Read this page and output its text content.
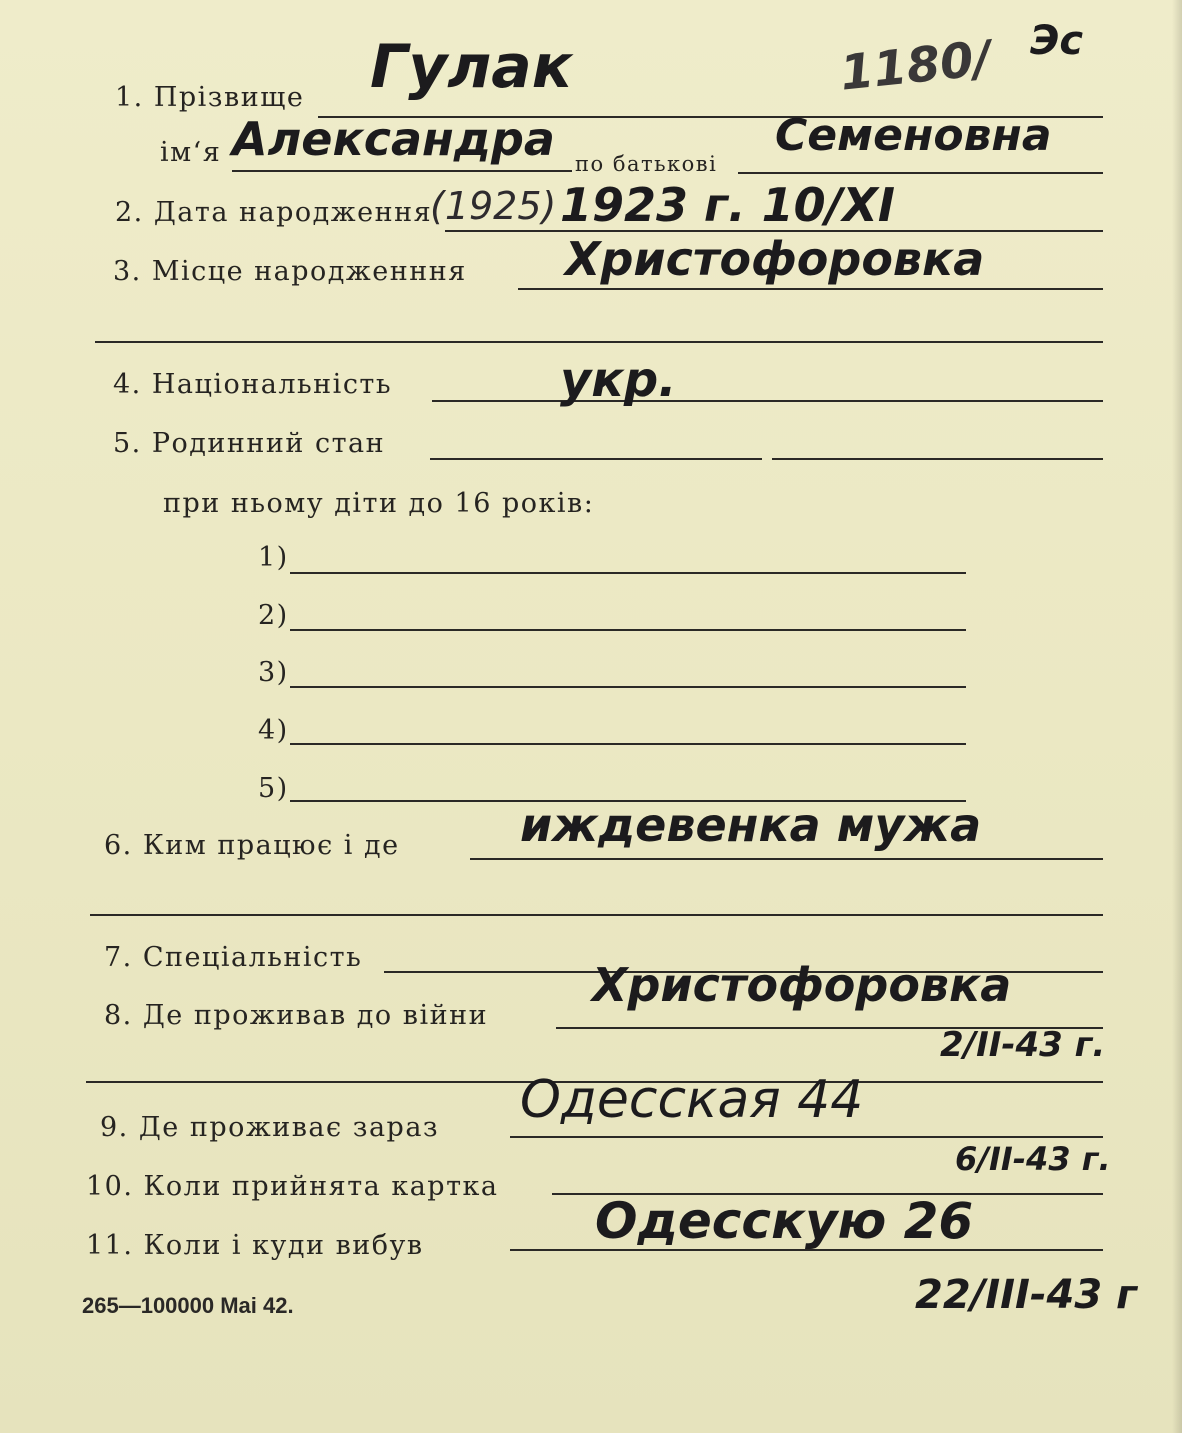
1. Прізвище
ім‘я	по батькові
2. Дата народження
3. Місце народженння
4. Національність
5. Родинний стан
при ньому діти до 16 років:
1)
2)
3)
4)
5)
6. Ким працює і де
7. Спеціальність
8. Де проживав до війни
9. Де проживає зараз
10. Коли прийнята картка
11. Коли і куди вибув
265—100000 Mai 42.
Эс
1180/
Гулак
Александра	Семеновна
(1925) 1923 г. 10/ХІ
Христофоровка
укр.
иждевенка мужа
Христофоровка
2/ІІ-43 г.
Одесская 44
6/ІІ-43 г.
Одесскую 26
22/ІІІ-43 г
